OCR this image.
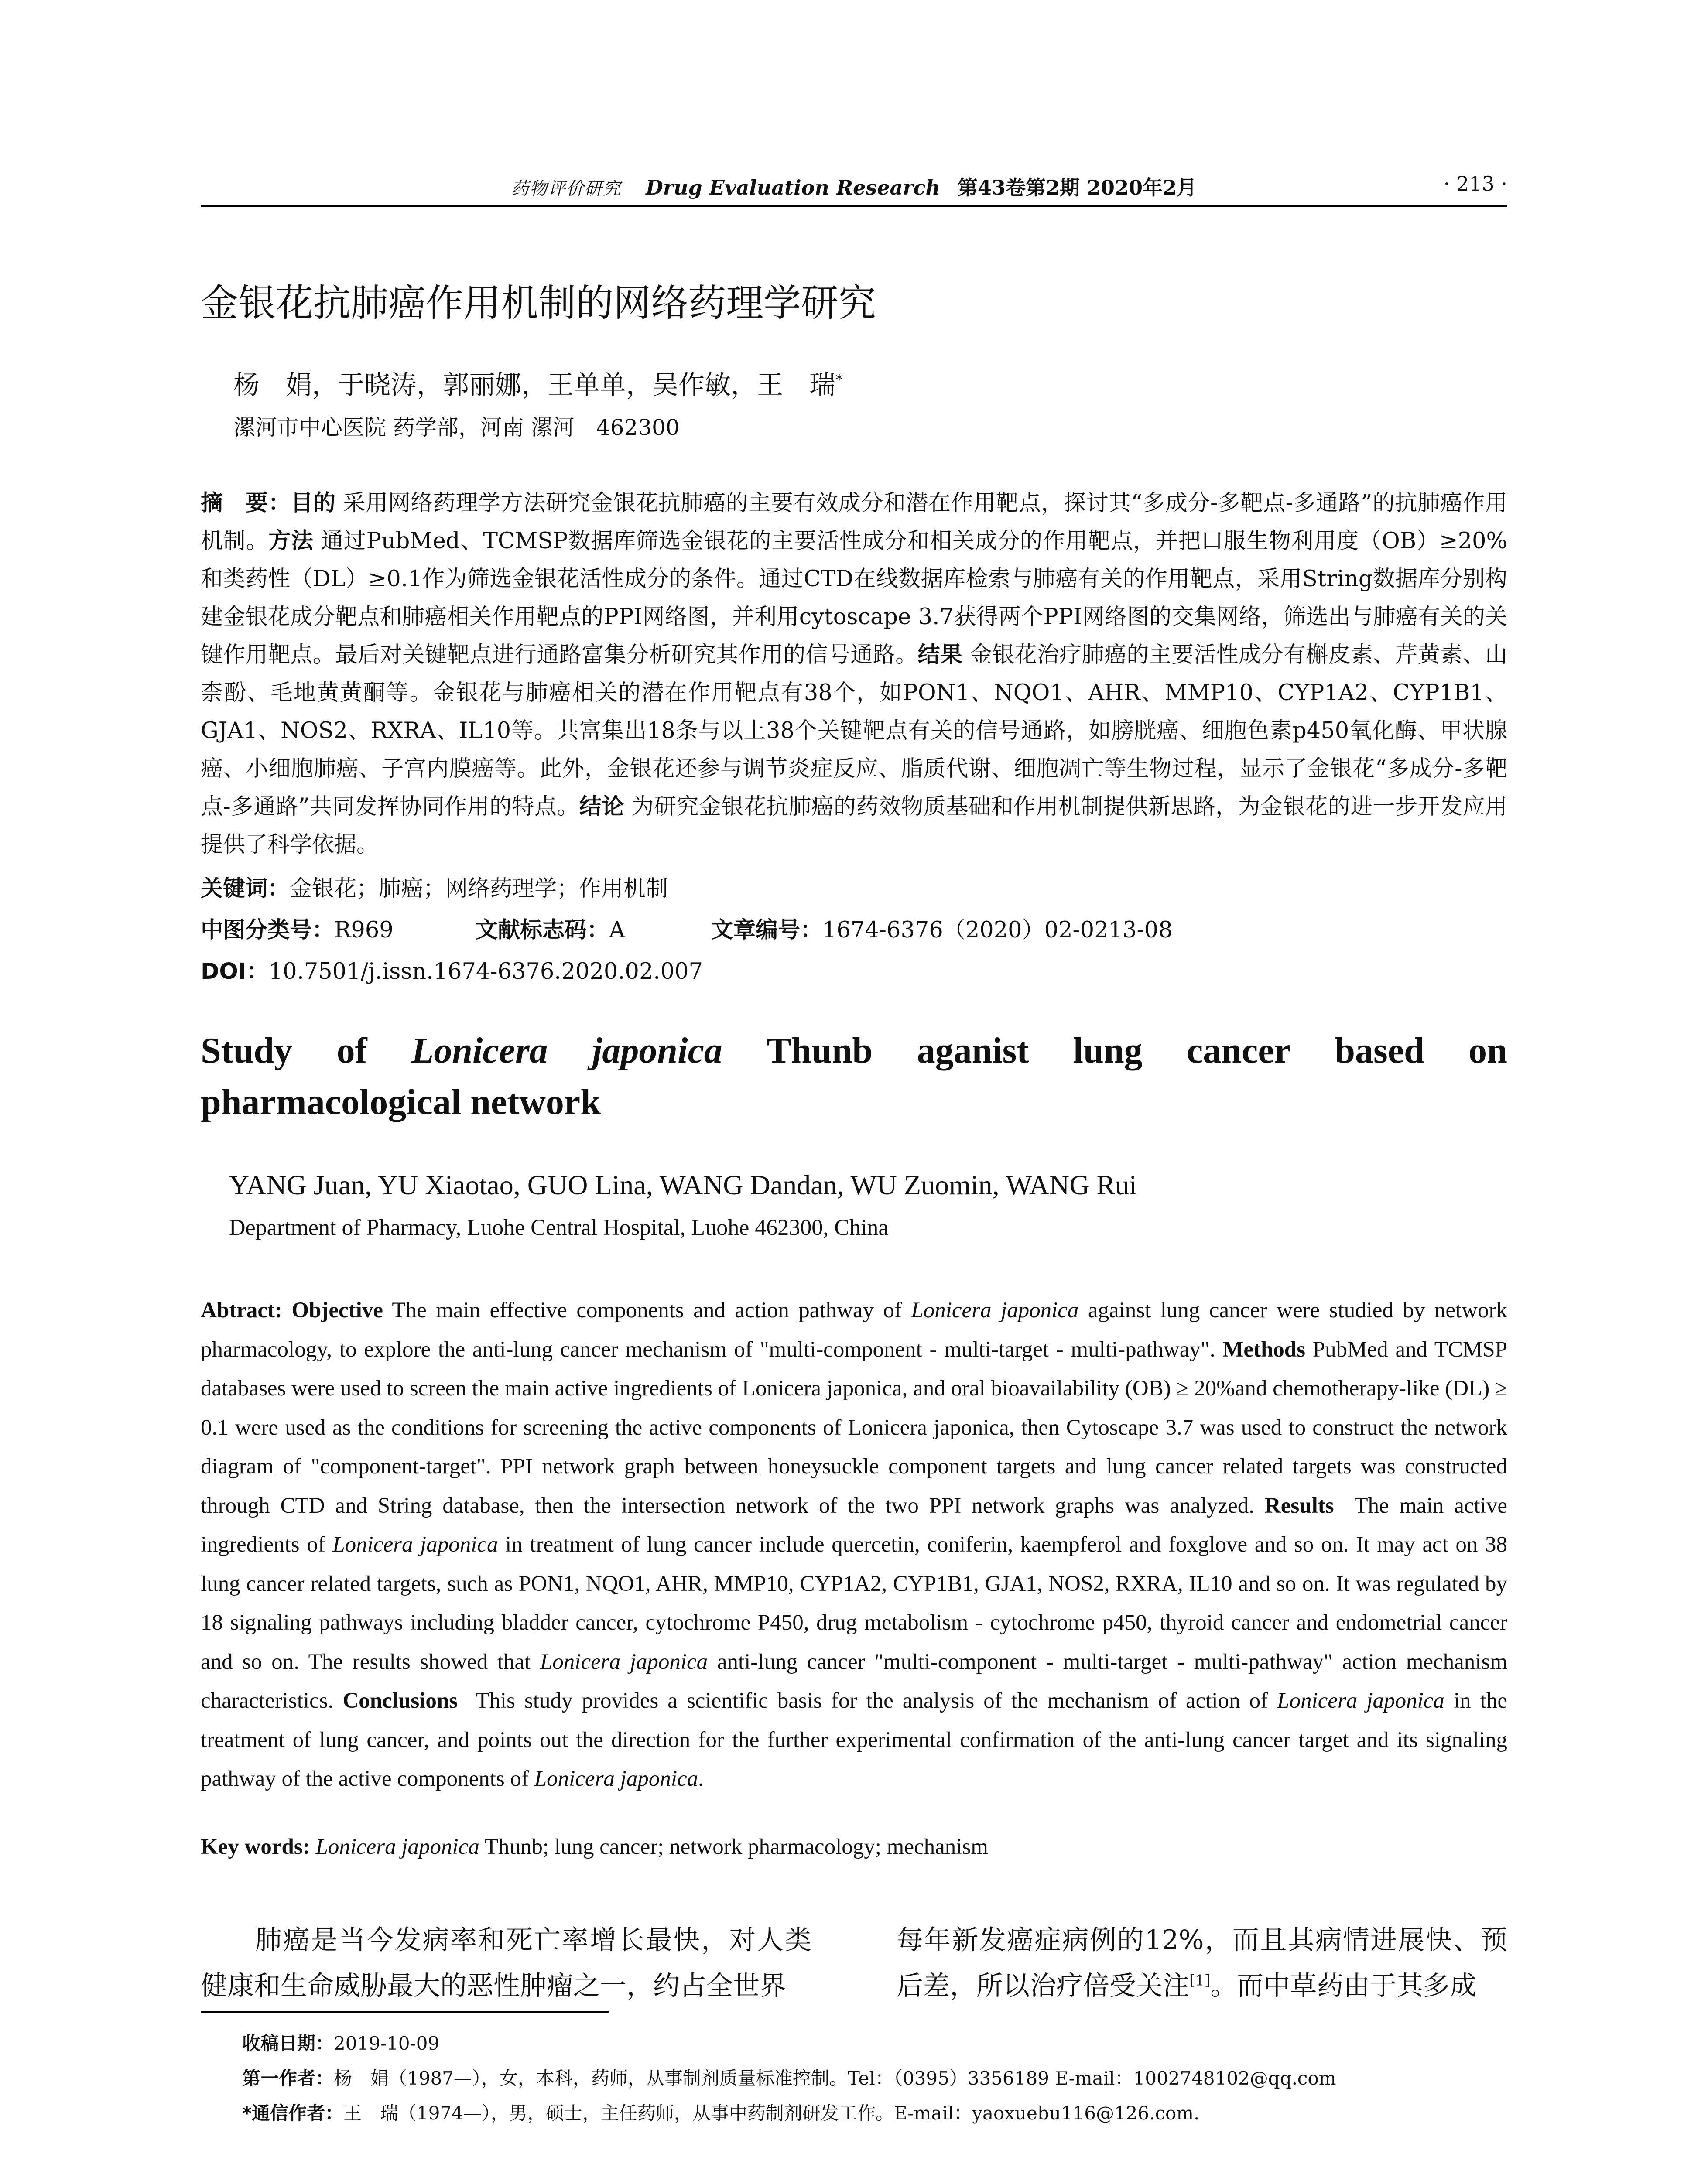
药物评价研究 Drug Evaluation Research 第43卷第2期 2020年2月	· 213 ·
金银花抗肺癌作用机制的网络药理学研究
杨　娟，于晓涛，郭丽娜，王单单，吴作敏，王　瑞*
漯河市中心医院 药学部，河南 漯河　462300
摘　要：目的 采用网络药理学方法研究金银花抗肺癌的主要有效成分和潜在作用靶点，探讨其“多成分-多靶点-多通路”的抗肺癌作用机制。方法 通过PubMed、TCMSP数据库筛选金银花的主要活性成分和相关成分的作用靶点，并把口服生物利用度（OB）≥20%和类药性（DL）≥0.1作为筛选金银花活性成分的条件。通过CTD在线数据库检索与肺癌有关的作用靶点，采用String数据库分别构建金银花成分靶点和肺癌相关作用靶点的PPI网络图，并利用cytoscape 3.7获得两个PPI网络图的交集网络，筛选出与肺癌有关的关键作用靶点。最后对关键靶点进行通路富集分析研究其作用的信号通路。结果 金银花治疗肺癌的主要活性成分有槲皮素、芹黄素、山柰酚、毛地黄黄酮等。金银花与肺癌相关的潜在作用靶点有38个，如PON1、NQO1、AHR、MMP10、CYP1A2、CYP1B1、GJA1、NOS2、RXRA、IL10等。共富集出18条与以上38个关键靶点有关的信号通路，如膀胱癌、细胞色素p450氧化酶、甲状腺癌、小细胞肺癌、子宫内膜癌等。此外，金银花还参与调节炎症反应、脂质代谢、细胞凋亡等生物过程，显示了金银花“多成分-多靶点-多通路”共同发挥协同作用的特点。结论 为研究金银花抗肺癌的药效物质基础和作用机制提供新思路，为金银花的进一步开发应用提供了科学依据。
关键词：金银花；肺癌；网络药理学；作用机制
中图分类号：R969	文献标志码：A	文章编号：1674-6376（2020）02-0213-08
DOI：10.7501/j.issn.1674-6376.2020.02.007
Study of Lonicera japonica Thunb aganist lung cancer based on
pharmacological network
YANG Juan, YU Xiaotao, GUO Lina, WANG Dandan, WU Zuomin, WANG Rui
Department of Pharmacy, Luohe Central Hospital, Luohe 462300, China
Abtract: Objective The main effective components and action pathway of Lonicera japonica against lung cancer were studied by network pharmacology, to explore the anti-lung cancer mechanism of "multi-component - multi-target - multi-pathway". Methods PubMed and TCMSP databases were used to screen the main active ingredients of Lonicera japonica, and oral bioavailability (OB) ≥ 20%and chemotherapy-like (DL) ≥ 0.1 were used as the conditions for screening the active components of Lonicera japonica, then Cytoscape 3.7 was used to construct the network diagram of "component-target". PPI network graph between honeysuckle component targets and lung cancer related targets was constructed through CTD and String database, then the intersection network of the two PPI network graphs was analyzed. Results The main active ingredients of Lonicera japonica in treatment of lung cancer include quercetin, coniferin, kaempferol and foxglove and so on. It may act on 38 lung cancer related targets, such as PON1, NQO1, AHR, MMP10, CYP1A2, CYP1B1, GJA1, NOS2, RXRA, IL10 and so on. It was regulated by 18 signaling pathways including bladder cancer, cytochrome P450, drug metabolism - cytochrome p450, thyroid cancer and endometrial cancer and so on. The results showed that Lonicera japonica anti-lung cancer "multi-component - multi-target - multi-pathway" action mechanism characteristics. Conclusions This study provides a scientific basis for the analysis of the mechanism of action of Lonicera japonica in the treatment of lung cancer, and points out the direction for the further experimental confirmation of the anti-lung cancer target and its signaling pathway of the active components of Lonicera japonica.
Key words: Lonicera japonica Thunb; lung cancer; network pharmacology; mechanism
肺癌是当今发病率和死亡率增长最快，对人类健康和生命威胁最大的恶性肿瘤之一，约占全世界
每年新发癌症病例的12%，而且其病情进展快、预后差，所以治疗倍受关注[1]。而中草药由于其多成
收稿日期：2019-10-09
第一作者：杨　娟（1987—），女，本科，药师，从事制剂质量标准控制。Tel：（0395）3356189 E-mail：1002748102@qq.com
*通信作者：王　瑞（1974—），男，硕士，主任药师，从事中药制剂研发工作。E-mail：yaoxuebu116@126.com.
